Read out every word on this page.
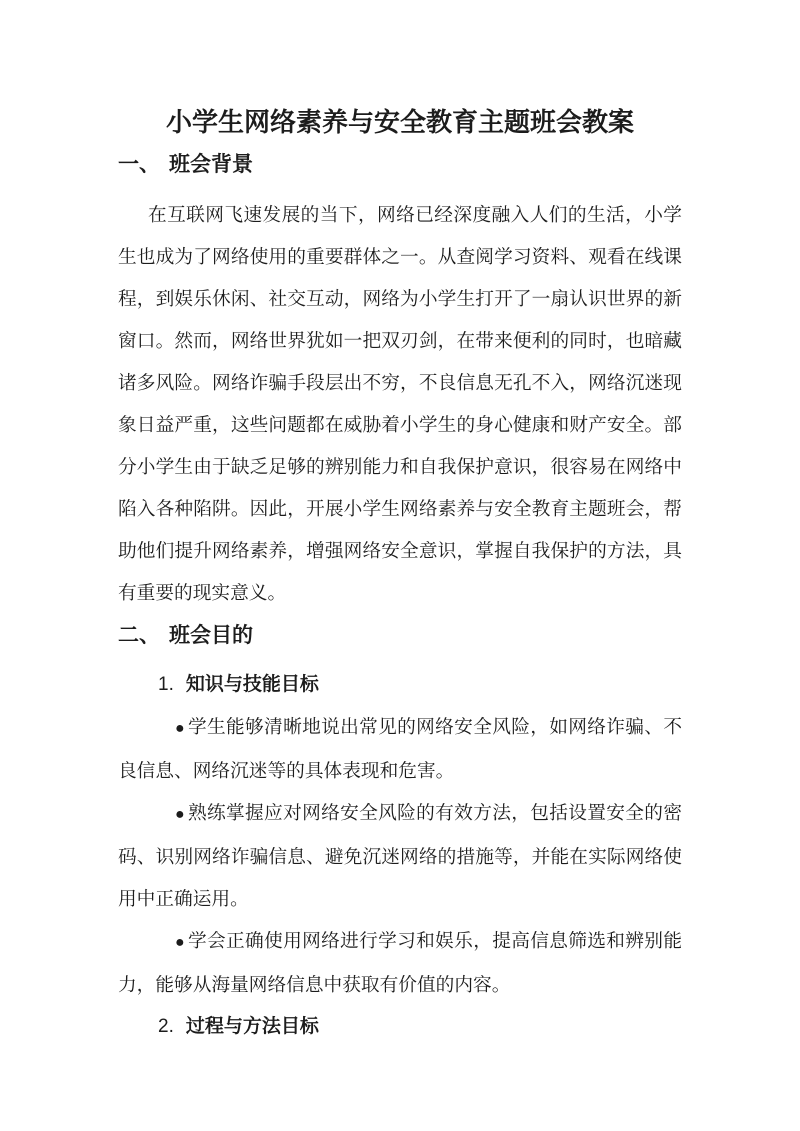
小学生网络素养与安全教育主题班会教案
一、 班会背景

在互联网飞速发展的当下，网络已经深度融入人们的生活，小学生也成为了网络使用的重要群体之一。从查阅学习资料、观看在线课程，到娱乐休闲、社交互动，网络为小学生打开了一扇认识世界的新窗口。然而，网络世界犹如一把双刃剑，在带来便利的同时，也暗藏诸多风险。网络诈骗手段层出不穷，不良信息无孔不入，网络沉迷现象日益严重，这些问题都在威胁着小学生的身心健康和财产安全。部分小学生由于缺乏足够的辨别能力和自我保护意识，很容易在网络中陷入各种陷阱。因此，开展小学生网络素养与安全教育主题班会，帮助他们提升网络素养，增强网络安全意识，掌握自我保护的方法，具有重要的现实意义。

二、 班会目的
1. 知识与技能目标

● 学生能够清晰地说出常见的网络安全风险，如网络诈骗、不良信息、网络沉迷等的具体表现和危害。

● 熟练掌握应对网络安全风险的有效方法，包括设置安全的密码、识别网络诈骗信息、避免沉迷网络的措施等，并能在实际网络使用中正确运用。

● 学会正确使用网络进行学习和娱乐，提高信息筛选和辨别能力，能够从海量网络信息中获取有价值的内容。

2. 过程与方法目标
